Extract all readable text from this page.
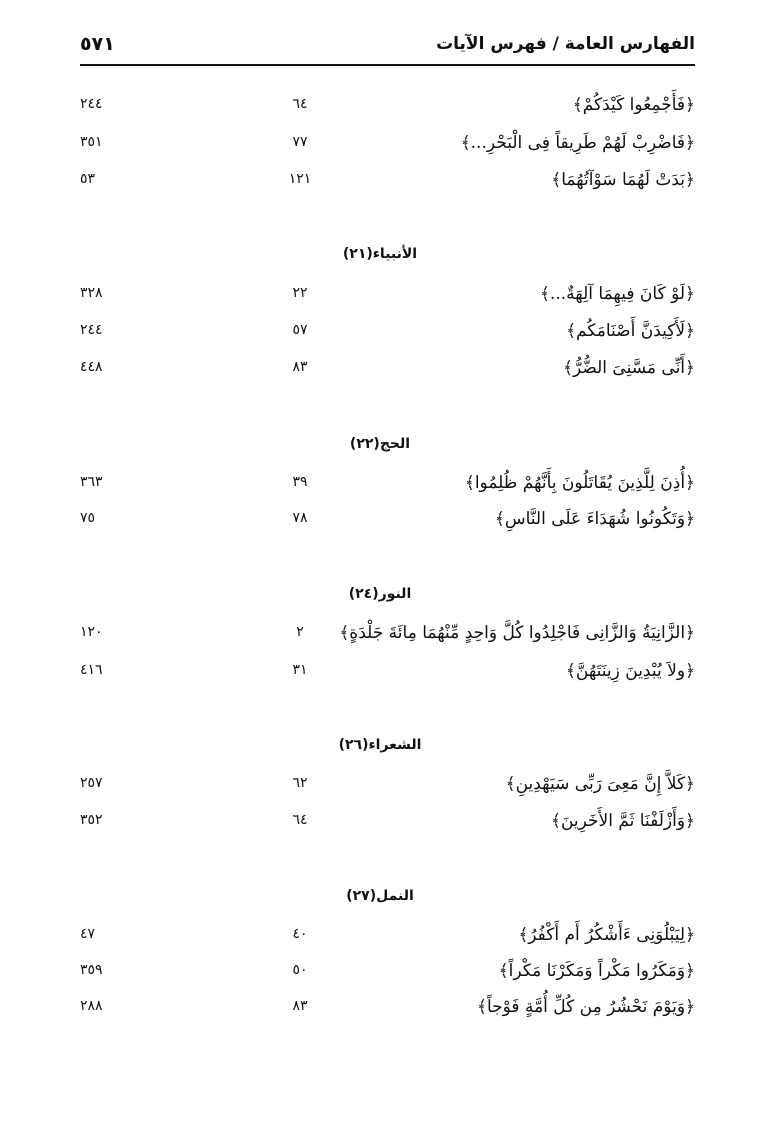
الفهارس العامة / فهرس الآيات
٥٧١
﴿فَأَجْمِعُوا كَيْدَكُمْ﴾
٦٤
٢٤٤
﴿فَاضْرِبْ لَهُمْ طَرِيقاً فِى الْبَحْرِ...﴾
٧٧
٣٥١
﴿بَدَتْ لَهُمَا سَوْآتُهُمَا﴾
١٢١
٥٣
الأنبياء(٢١)
﴿لَوْ كَانَ فِيهِمَا آلِهَةٌ...﴾
٢٢
٣٢٨
﴿لَأَكِيدَنَّ أَصْنَامَكُم﴾
٥٧
٢٤٤
﴿أَنِّى مَسَّنِىَ الضُّرُّ﴾
٨٣
٤٤٨
الحج(٢٢)
﴿أُذِنَ لِلَّذِينَ يُقَاتَلُونَ بِأَنَّهُمْ ظُلِمُوا﴾
٣٩
٣٦٣
﴿وَتَكُونُوا شُهَدَاءَ عَلَى النَّاسِ﴾
٧٨
٧٥
النور(٢٤)
﴿الزَّانِيَةُ وَالزَّانِى فَاجْلِدُوا كُلَّ وَاحِدٍ مِّنْهُمَا مِائَةَ جَلْدَةٍ﴾
٢
١٢٠
﴿ولاَ يُبْدِينَ زِينَتَهُنَّ﴾
٣١
٤١٦
الشعراء(٢٦)
﴿كَلاَّ إِنَّ مَعِىَ رَبِّى سَيَهْدِينِ﴾
٦٢
٢٥٧
﴿وَأَزْلَفْنَا ثَمَّ الأَخَرِينَ﴾
٦٤
٣٥٢
النمل(٢٧)
﴿لِيَبْلُوَنِى ءَأَشْكُرُ أَم أَكْفُرُ﴾
٤٠
٤٧
﴿وَمَكَرُوا مَكْراً وَمَكَرْنَا مَكْراً﴾
٥٠
٣٥٩
﴿وَيَوْمَ نَحْشُرُ مِن كُلِّ أُمَّةٍ فَوْجاً﴾
٨٣
٢٨٨
